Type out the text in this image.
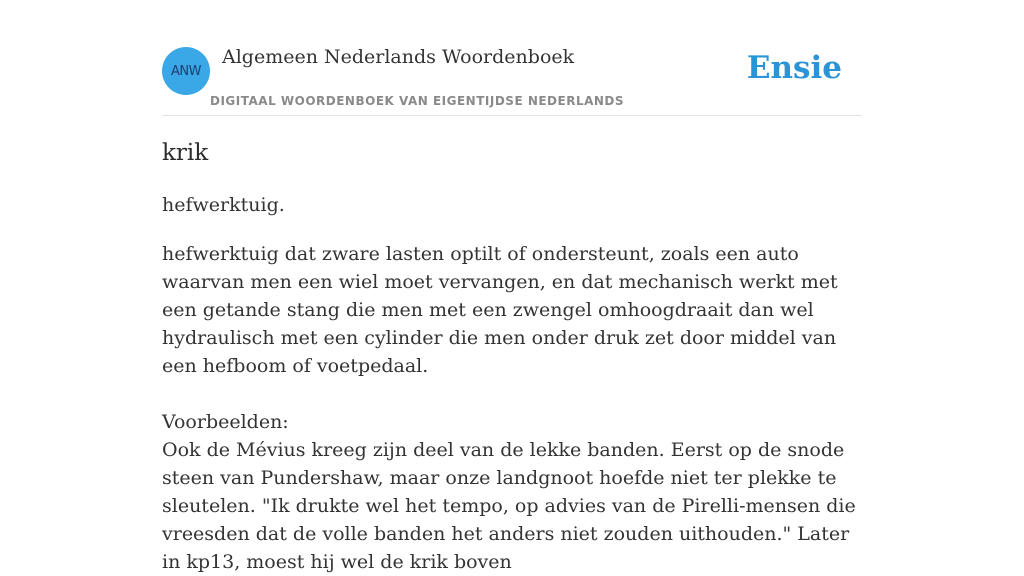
ANW
Algemeen Nederlands Woordenboek
DIGITAAL WOORDENBOEK VAN EIGENTIJDSE NEDERLANDS
Ensie
krik
hefwerktuig.

hefwerktuig dat zware lasten optilt of ondersteunt, zoals een auto waarvan men een wiel moet vervangen, en dat mechanisch werkt met een getande stang die men met een zwengel omhoogdraait dan wel hydraulisch met een cylinder die men onder druk zet door middel van een hefboom of voetpedaal.

Voorbeelden:

Ook de Mévius kreeg zijn deel van de lekke banden. Eerst op de snode steen van Pundershaw, maar onze landgnoot hoefde niet ter plekke te sleutelen. "Ik drukte wel het tempo, op advies van de Pirelli-mensen die vreesden dat de volle banden het anders niet zouden uithouden." Later in kp13, moest hij wel de krik boven
